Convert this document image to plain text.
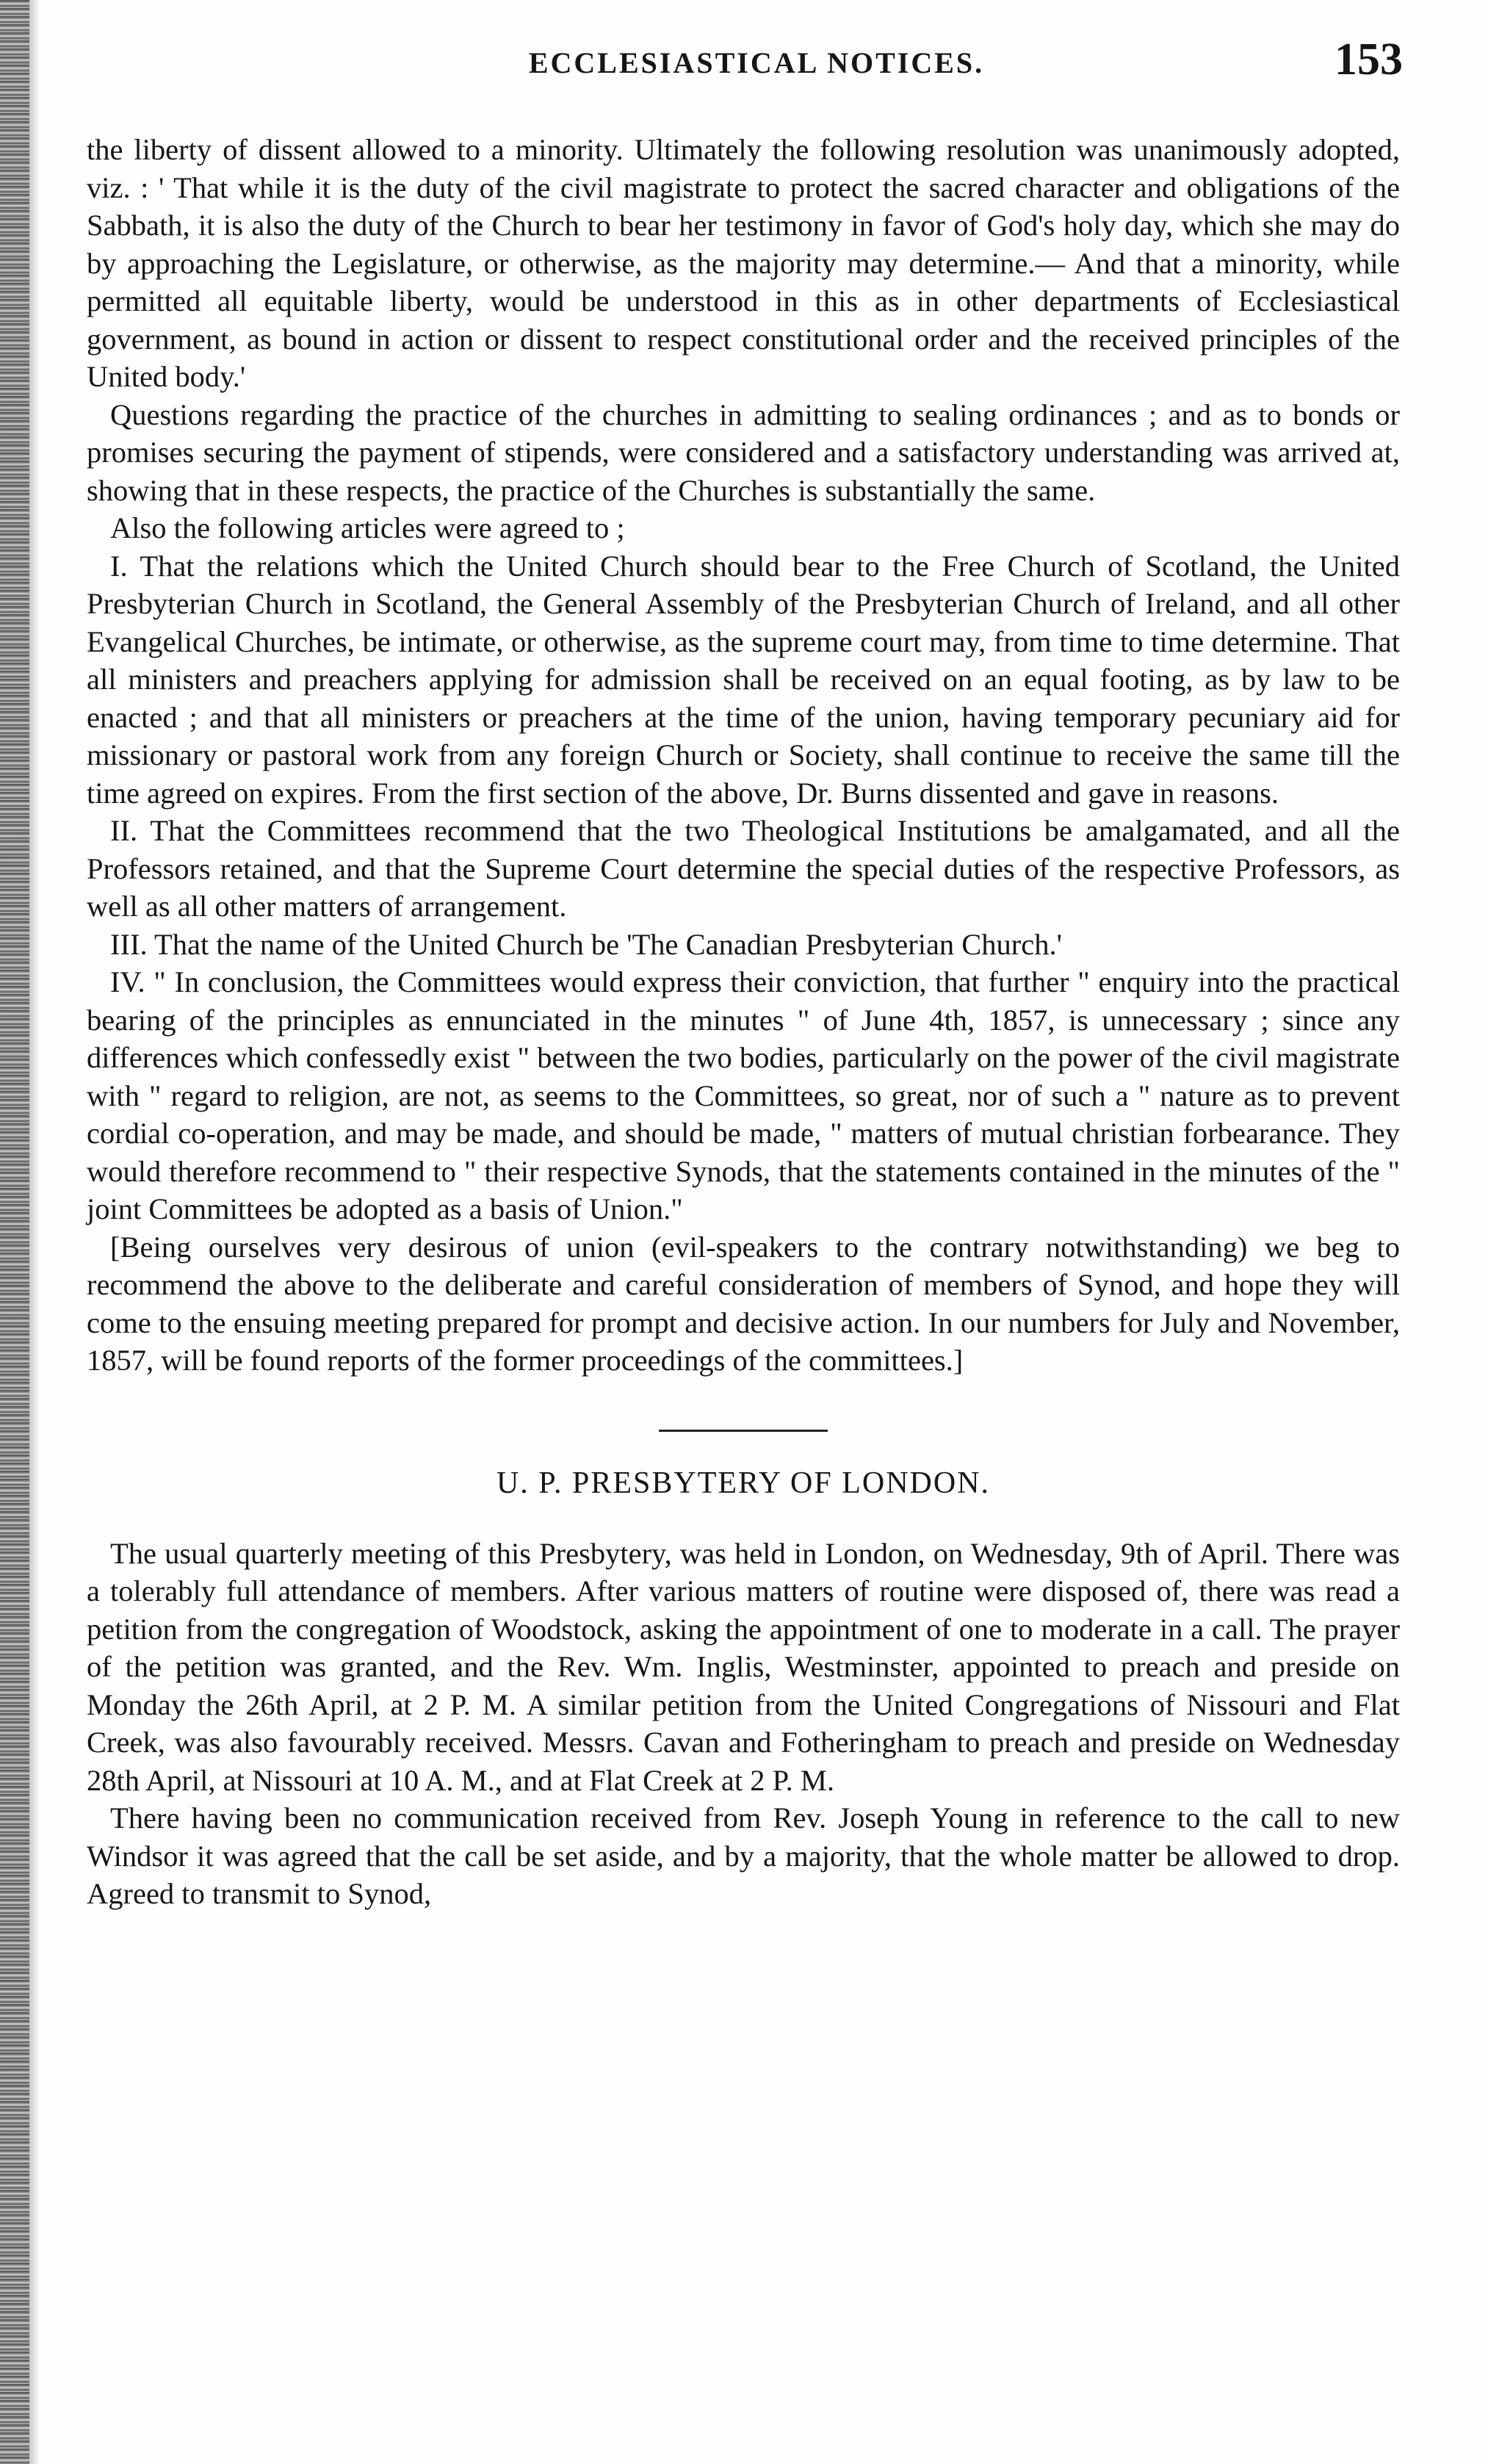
ECCLESIASTICAL NOTICES.	153

the liberty of dissent allowed to a minority. Ultimately the following resolution was unanimously adopted, viz. : ' That while it is the duty of the civil magistrate to protect the sacred character and obligations of the Sabbath, it is also the duty of the Church to bear her testimony in favor of God's holy day, which she may do by approaching the Legislature, or otherwise, as the majority may determine.— And that a minority, while permitted all equitable liberty, would be understood in this as in other departments of Ecclesiastical government, as bound in action or dissent to respect constitutional order and the received principles of the United body.'

Questions regarding the practice of the churches in admitting to sealing ordinances ; and as to bonds or promises securing the payment of stipends, were considered and a satisfactory understanding was arrived at, showing that in these respects, the practice of the Churches is substantially the same.

Also the following articles were agreed to ;

I. That the relations which the United Church should bear to the Free Church of Scotland, the United Presbyterian Church in Scotland, the General Assembly of the Presbyterian Church of Ireland, and all other Evangelical Churches, be intimate, or otherwise, as the supreme court may, from time to time determine. That all ministers and preachers applying for admission shall be received on an equal footing, as by law to be enacted ; and that all ministers or preachers at the time of the union, having temporary pecuniary aid for missionary or pastoral work from any foreign Church or Society, shall continue to receive the same till the time agreed on expires. From the first section of the above, Dr. Burns dissented and gave in reasons.

II. That the Committees recommend that the two Theological Institutions be amalgamated, and all the Professors retained, and that the Supreme Court determine the special duties of the respective Professors, as well as all other matters of arrangement.

III. That the name of the United Church be 'The Canadian Presbyterian Church.'

IV. " In conclusion, the Committees would express their conviction, that further " enquiry into the practical bearing of the principles as ennunciated in the minutes " of June 4th, 1857, is unnecessary ; since any differences which confessedly exist " between the two bodies, particularly on the power of the civil magistrate with " regard to religion, are not, as seems to the Committees, so great, nor of such a " nature as to prevent cordial co-operation, and may be made, and should be made, " matters of mutual christian forbearance. They would therefore recommend to " their respective Synods, that the statements contained in the minutes of the " joint Committees be adopted as a basis of Union."

[Being ourselves very desirous of union (evil-speakers to the contrary notwithstanding) we beg to recommend the above to the deliberate and careful consideration of members of Synod, and hope they will come to the ensuing meeting prepared for prompt and decisive action. In our numbers for July and November, 1857, will be found reports of the former proceedings of the committees.]

U. P. PRESBYTERY OF LONDON.

The usual quarterly meeting of this Presbytery, was held in London, on Wednesday, 9th of April. There was a tolerably full attendance of members. After various matters of routine were disposed of, there was read a petition from the congregation of Woodstock, asking the appointment of one to moderate in a call. The prayer of the petition was granted, and the Rev. Wm. Inglis, Westminster, appointed to preach and preside on Monday the 26th April, at 2 P. M. A similar petition from the United Congregations of Nissouri and Flat Creek, was also favourably received. Messrs. Cavan and Fotheringham to preach and preside on Wednesday 28th April, at Nissouri at 10 A. M., and at Flat Creek at 2 P. M.

There having been no communication received from Rev. Joseph Young in reference to the call to new Windsor it was agreed that the call be set aside, and by a majority, that the whole matter be allowed to drop. Agreed to transmit to Synod,
